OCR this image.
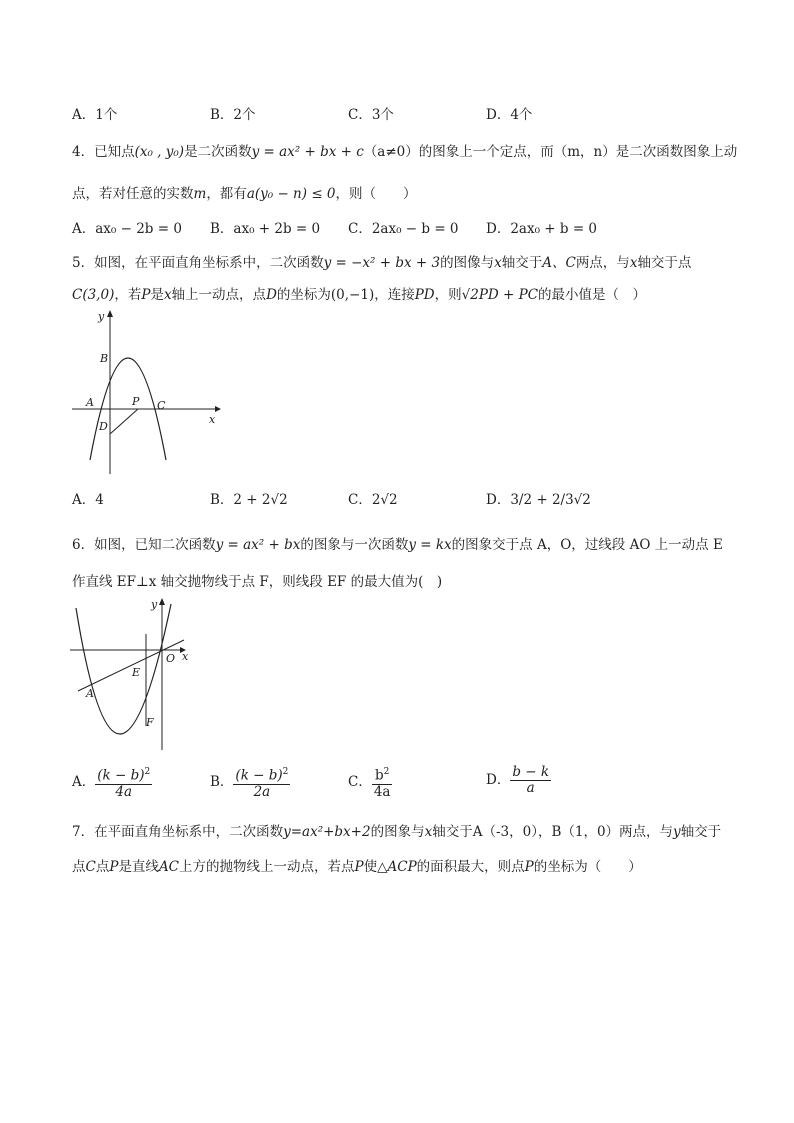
A．1个	B．2个	C．3个	D．4个
4．已知点(x₀ , y₀)是二次函数y = ax² + bx + c（a≠0）的图象上一个定点，而（m，n）是二次函数图象上动
点，若对任意的实数m，都有a(y₀ − n) ≤ 0，则（　　）
A．ax₀ − 2b = 0 B．ax₀ + 2b = 0 C．2ax₀ − b = 0 D．2ax₀ + b = 0
5．如图，在平面直角坐标系中，二次函数y = −x² + bx + 3的图像与x轴交于A、C两点，与x轴交于点
C(3,0)，若P是x轴上一动点，点D的坐标为(0,−1)，连接PD，则√2PD + PC的最小值是（　）
y
x
B
A	P C
D
A．4	B．2 + 2√2	C．2√2	D．3/2 + 2/3√2
6．如图，已知二次函数y = ax² + bx的图象与一次函数y = kx的图象交于点 A，O，过线段 AO 上一动点 E
作直线 EF⊥x 轴交抛物线于点 F，则线段 EF 的最大值为(　)
y
x
O
A
E
F
A． $\frac{(k - b)^2}{4a}$	B． $\frac{(k - b)^2}{2a}$	C． $\frac{b^2}{4a}$	D． $\frac{b - k}{a}$
7．在平面直角坐标系中，二次函数y=ax²+bx+2的图象与x轴交于A（-3，0），B（1，0）两点，与y轴交于
点C点P是直线AC上方的抛物线上一动点，若点P使△ACP的面积最大，则点P的坐标为（　　）
